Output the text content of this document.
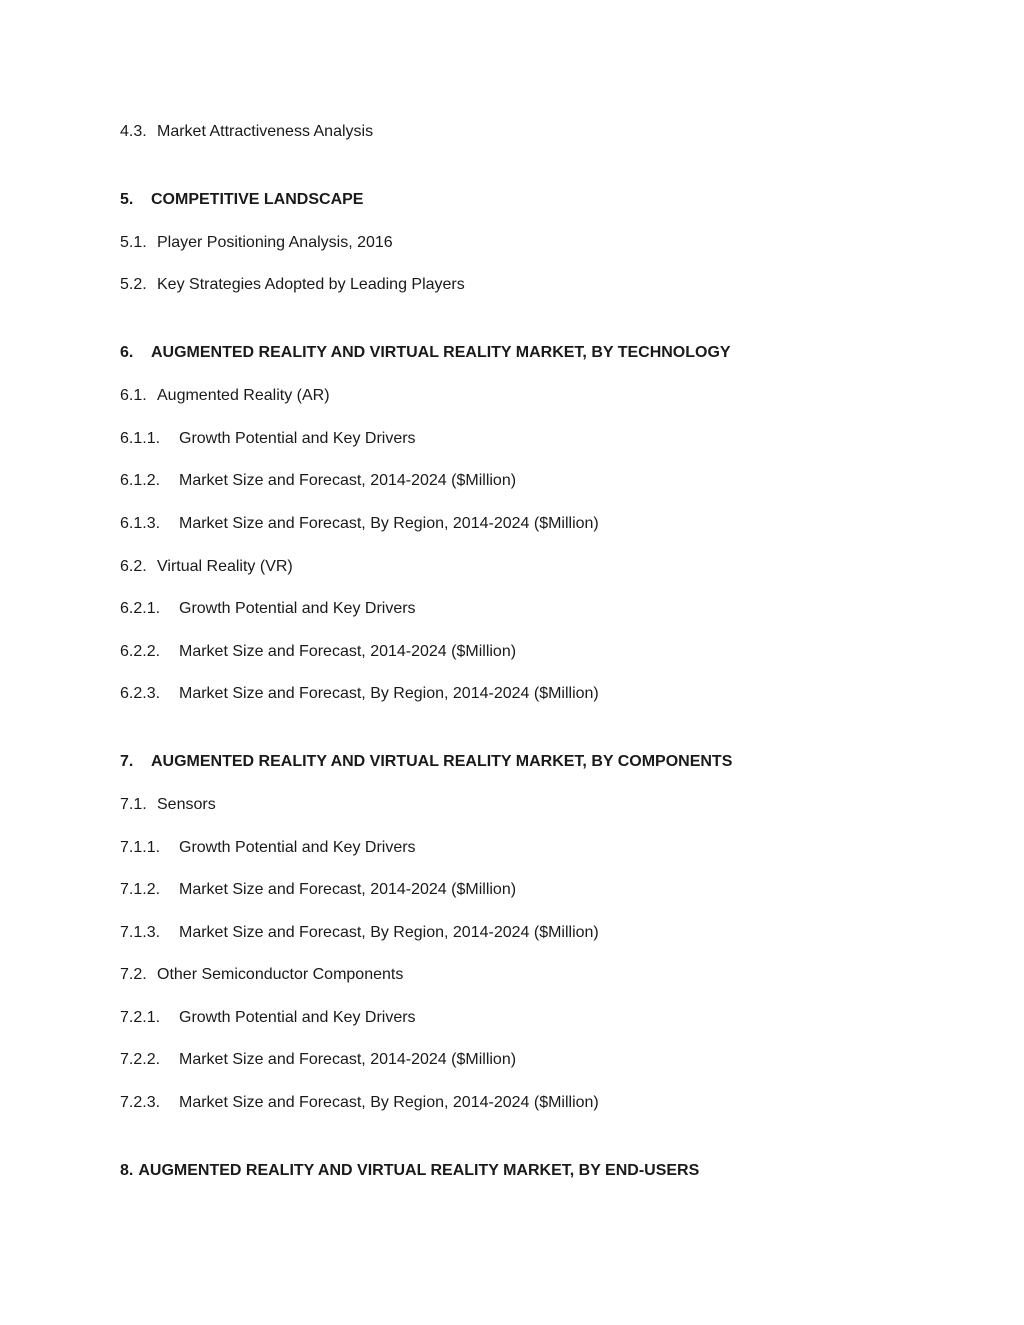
4.3. Market Attractiveness Analysis
5. COMPETITIVE LANDSCAPE
5.1. Player Positioning Analysis, 2016
5.2. Key Strategies Adopted by Leading Players
6. AUGMENTED REALITY AND VIRTUAL REALITY MARKET, BY TECHNOLOGY
6.1. Augmented Reality (AR)
6.1.1. Growth Potential and Key Drivers
6.1.2. Market Size and Forecast, 2014-2024 ($Million)
6.1.3. Market Size and Forecast, By Region, 2014-2024 ($Million)
6.2. Virtual Reality (VR)
6.2.1. Growth Potential and Key Drivers
6.2.2. Market Size and Forecast, 2014-2024 ($Million)
6.2.3. Market Size and Forecast, By Region, 2014-2024 ($Million)
7. AUGMENTED REALITY AND VIRTUAL REALITY MARKET, BY COMPONENTS
7.1. Sensors
7.1.1. Growth Potential and Key Drivers
7.1.2. Market Size and Forecast, 2014-2024 ($Million)
7.1.3. Market Size and Forecast, By Region, 2014-2024 ($Million)
7.2. Other Semiconductor Components
7.2.1. Growth Potential and Key Drivers
7.2.2. Market Size and Forecast, 2014-2024 ($Million)
7.2.3. Market Size and Forecast, By Region, 2014-2024 ($Million)
8. AUGMENTED REALITY AND VIRTUAL REALITY MARKET, BY END-USERS
